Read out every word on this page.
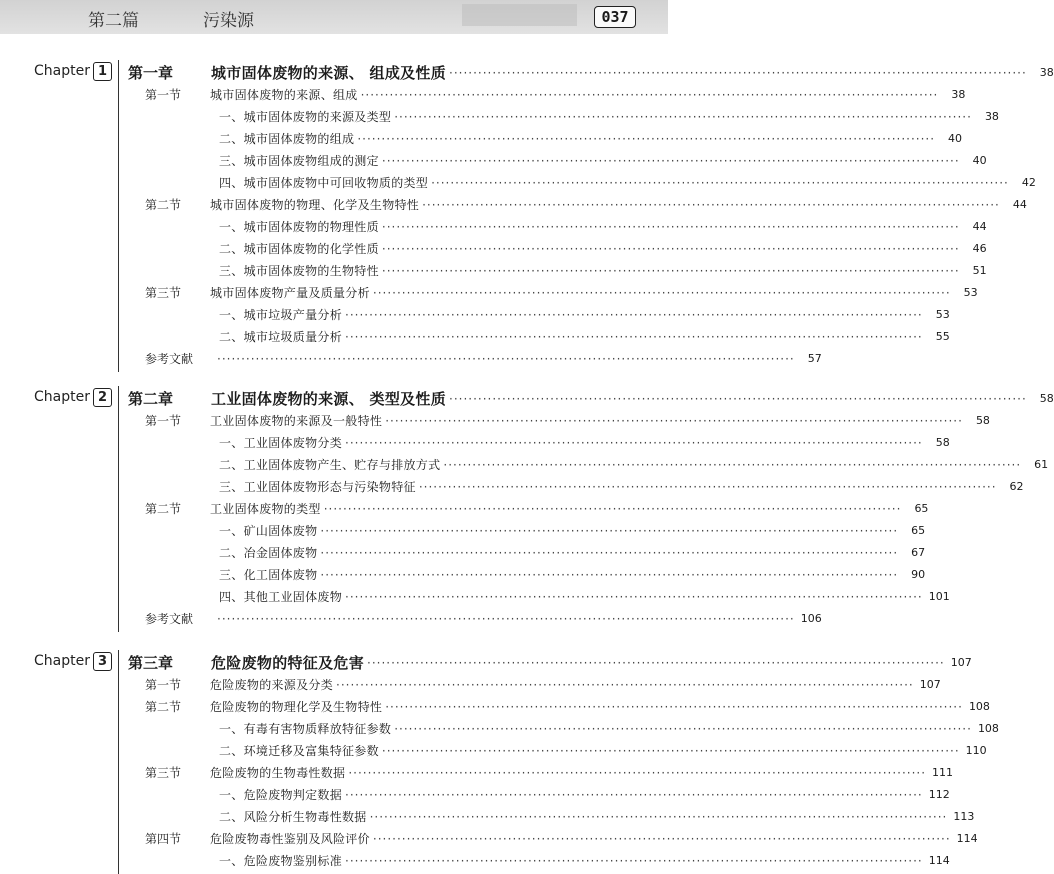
第二篇	污染源	037
Chapter 1	第一章	城市固体废物的来源、 组成及性质 ························································································································	38
第一节	城市固体废物的来源、组成 ························································································································	38
一、城市固体废物的来源及类型 ························································································································	38
二、城市固体废物的组成 ························································································································	40
三、城市固体废物组成的测定 ························································································································	40
四、城市固体废物中可回收物质的类型 ························································································································	42
第二节	城市固体废物的物理、化学及生物特性 ························································································································	44
一、城市固体废物的物理性质 ························································································································	44
二、城市固体废物的化学性质 ························································································································	46
三、城市固体废物的生物特性 ························································································································	51
第三节	城市固体废物产量及质量分析 ························································································································	53
一、城市垃圾产量分析 ························································································································	53
二、城市垃圾质量分析 ························································································································	55
参考文献	························································································································	57
Chapter 2	第二章	工业固体废物的来源、 类型及性质 ························································································································	58
第一节	工业固体废物的来源及一般特性 ························································································································	58
一、工业固体废物分类 ························································································································	58
二、工业固体废物产生、贮存与排放方式 ························································································································	61
三、工业固体废物形态与污染物特征 ························································································································	62
第二节	工业固体废物的类型 ························································································································	65
一、矿山固体废物 ························································································································	65
二、冶金固体废物 ························································································································	67
三、化工固体废物 ························································································································	90
四、其他工业固体废物 ························································································································ 101
参考文献	························································································································ 106
Chapter 3	第三章	危险废物的特征及危害 ························································································································ 107
第一节	危险废物的来源及分类 ························································································································ 107
第二节	危险废物的物理化学及生物特性 ························································································································ 108
一、有毒有害物质释放特征参数 ························································································································ 108
二、环境迁移及富集特征参数 ························································································································ 110
第三节	危险废物的生物毒性数据 ························································································································ 111
一、危险废物判定数据 ························································································································ 112
二、风险分析生物毒性数据 ························································································································ 113
第四节	危险废物毒性鉴别及风险评价 ························································································································ 114
一、危险废物鉴别标准 ························································································································ 114
